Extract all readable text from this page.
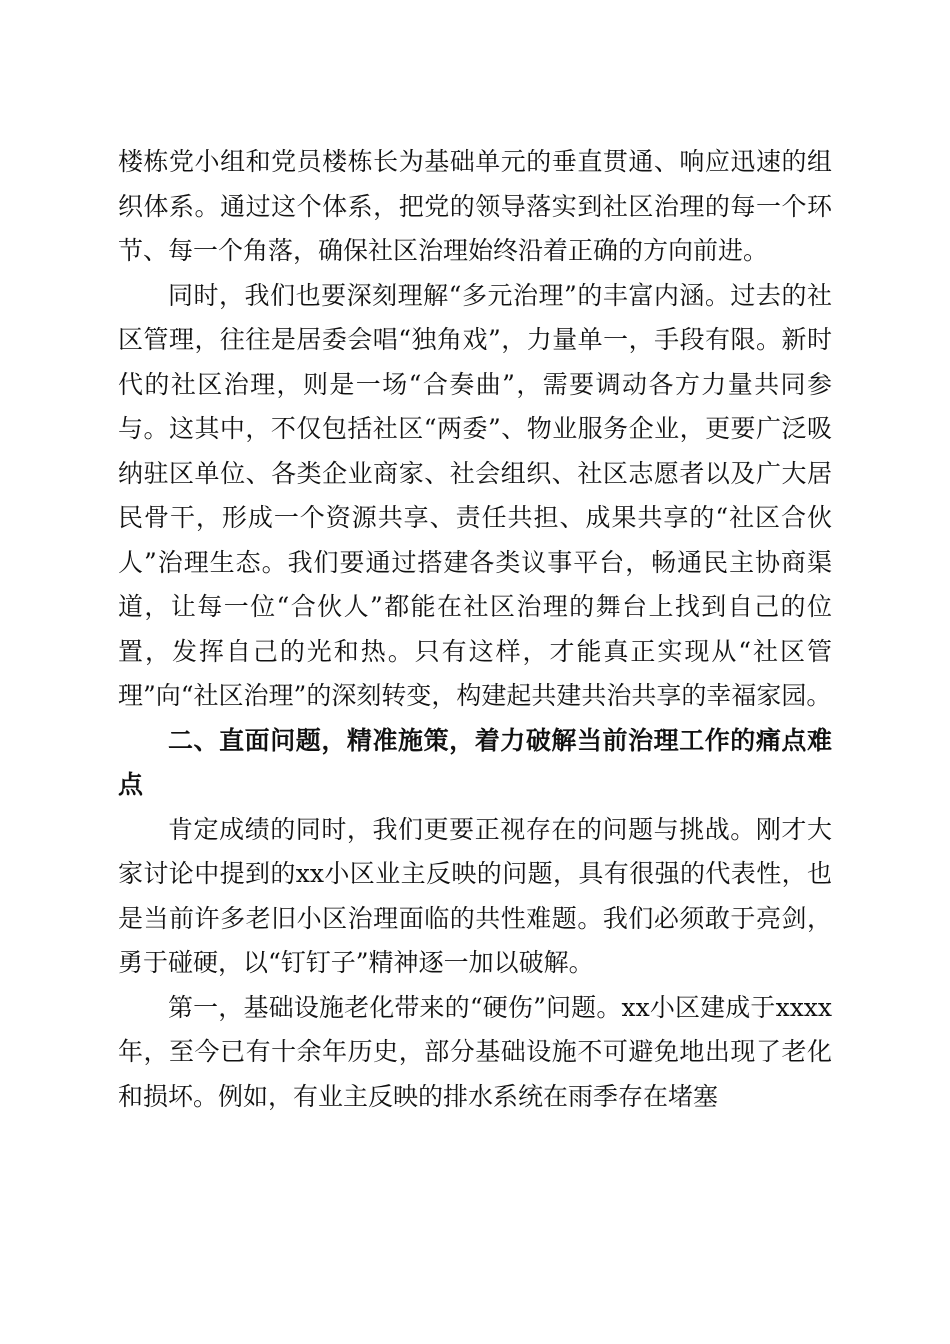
楼栋党小组和党员楼栋长为基础单元的垂直贯通、响应迅速的组织体系。通过这个体系，把党的领导落实到社区治理的每一个环节、每一个角落，确保社区治理始终沿着正确的方向前进。

同时，我们也要深刻理解“多元治理”的丰富内涵。过去的社区管理，往往是居委会唱“独角戏”，力量单一，手段有限。新时代的社区治理，则是一场“合奏曲”，需要调动各方力量共同参与。这其中，不仅包括社区“两委”、物业服务企业，更要广泛吸纳驻区单位、各类企业商家、社会组织、社区志愿者以及广大居民骨干，形成一个资源共享、责任共担、成果共享的“社区合伙人”治理生态。我们要通过搭建各类议事平台，畅通民主协商渠道，让每一位“合伙人”都能在社区治理的舞台上找到自己的位置，发挥自己的光和热。只有这样，才能真正实现从“社区管理”向“社区治理”的深刻转变，构建起共建共治共享的幸福家园。

二、直面问题，精准施策，着力破解当前治理工作的痛点难点

肯定成绩的同时，我们更要正视存在的问题与挑战。刚才大家讨论中提到的xx小区业主反映的问题，具有很强的代表性，也是当前许多老旧小区治理面临的共性难题。我们必须敢于亮剑，勇于碰硬，以“钉钉子”精神逐一加以破解。

第一，基础设施老化带来的“硬伤”问题。xx小区建成于xxxx年，至今已有十余年历史，部分基础设施不可避免地出现了老化和损坏。例如，有业主反映的排水系统在雨季存在堵塞
